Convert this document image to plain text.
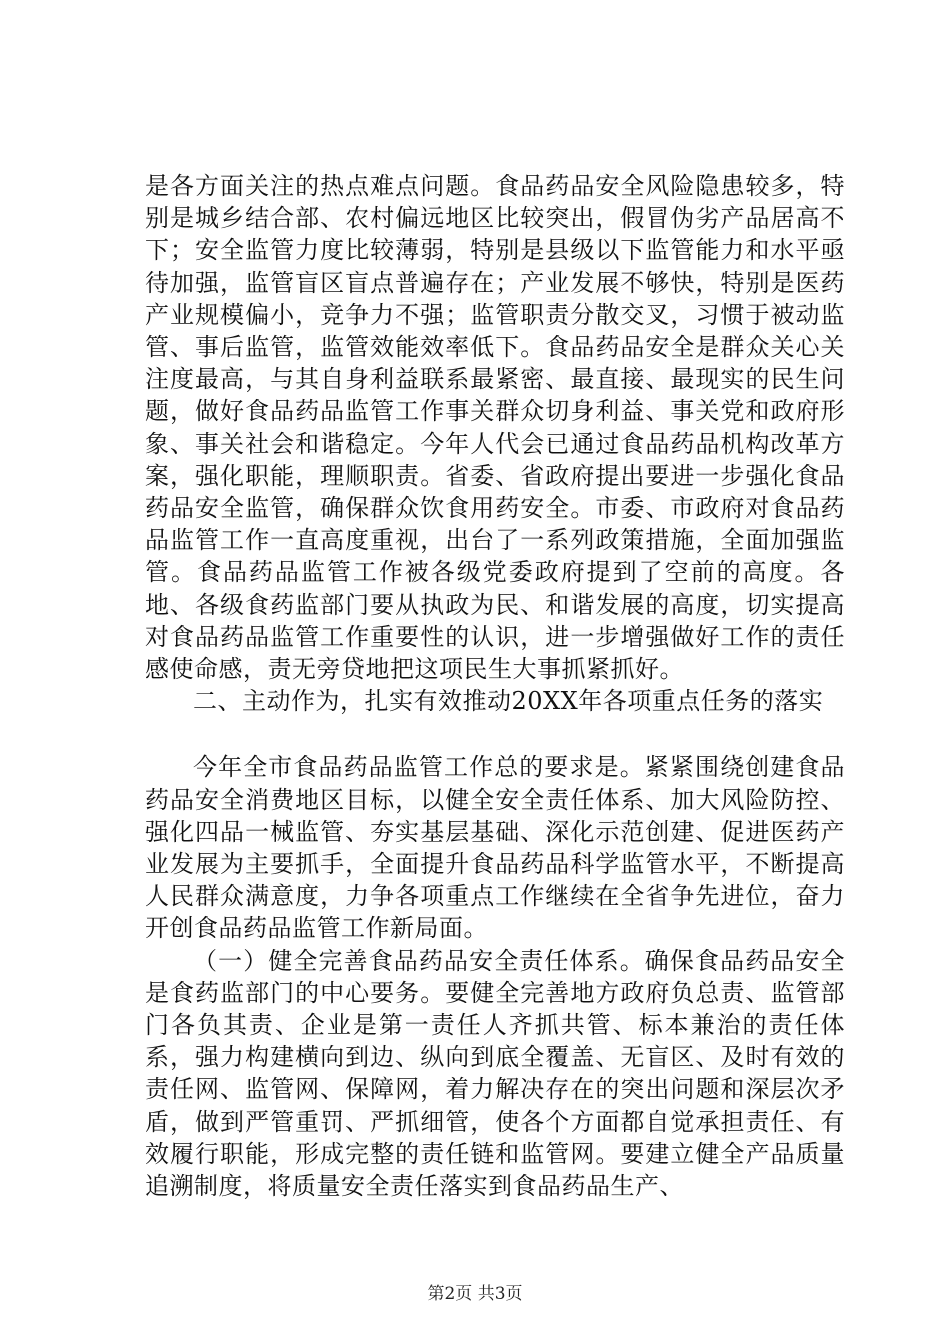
是各方面关注的热点难点问题。食品药品安全风险隐患较多，特别是城乡结合部、农村偏远地区比较突出，假冒伪劣产品居高不下；安全监管力度比较薄弱，特别是县级以下监管能力和水平亟待加强，监管盲区盲点普遍存在；产业发展不够快，特别是医药产业规模偏小，竞争力不强；监管职责分散交叉，习惯于被动监管、事后监管，监管效能效率低下。食品药品安全是群众关心关注度最高，与其自身利益联系最紧密、最直接、最现实的民生问题，做好食品药品监管工作事关群众切身利益、事关党和政府形象、事关社会和谐稳定。今年人代会已通过食品药品机构改革方案，强化职能，理顺职责。省委、省政府提出要进一步强化食品药品安全监管，确保群众饮食用药安全。市委、市政府对食品药品监管工作一直高度重视，出台了一系列政策措施，全面加强监管。食品药品监管工作被各级党委政府提到了空前的高度。各地、各级食药监部门要从执政为民、和谐发展的高度，切实提高对食品药品监管工作重要性的认识，进一步增强做好工作的责任感使命感，责无旁贷地把这项民生大事抓紧抓好。

二、主动作为，扎实有效推动20XX年各项重点任务的落实

今年全市食品药品监管工作总的要求是。紧紧围绕创建食品药品安全消费地区目标，以健全安全责任体系、加大风险防控、强化四品一械监管、夯实基层基础、深化示范创建、促进医药产业发展为主要抓手，全面提升食品药品科学监管水平，不断提高人民群众满意度，力争各项重点工作继续在全省争先进位，奋力开创食品药品监管工作新局面。

（一）健全完善食品药品安全责任体系。确保食品药品安全是食药监部门的中心要务。要健全完善地方政府负总责、监管部门各负其责、企业是第一责任人齐抓共管、标本兼治的责任体系，强力构建横向到边、纵向到底全覆盖、无盲区、及时有效的责任网、监管网、保障网，着力解决存在的突出问题和深层次矛盾，做到严管重罚、严抓细管，使各个方面都自觉承担责任、有效履行职能，形成完整的责任链和监管网。要建立健全产品质量追溯制度，将质量安全责任落实到食品药品生产、

第2页 共3页
